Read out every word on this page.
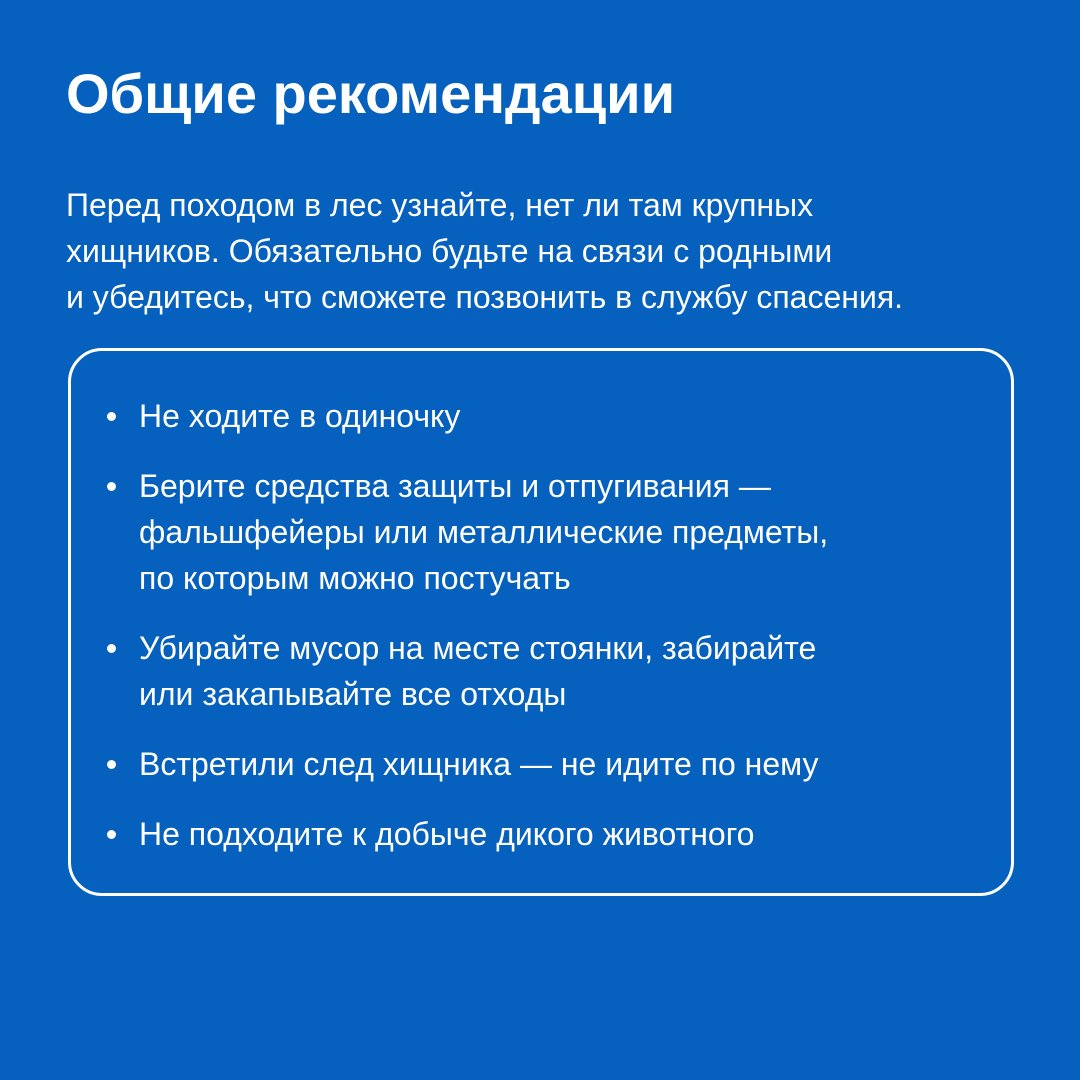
Общие рекомендации

Перед походом в лес узнайте, нет ли там крупных
хищников. Обязательно будьте на связи с родными
и убедитесь, что сможете позвонить в службу спасения.

Не ходите в одиночку
Берите средства защиты и отпугивания —
фальшфейеры или металлические предметы,
по которым можно постучать
Убирайте мусор на месте стоянки, забирайте
или закапывайте все отходы
Встретили след хищника — не идите по нему
Не подходите к добыче дикого животного
